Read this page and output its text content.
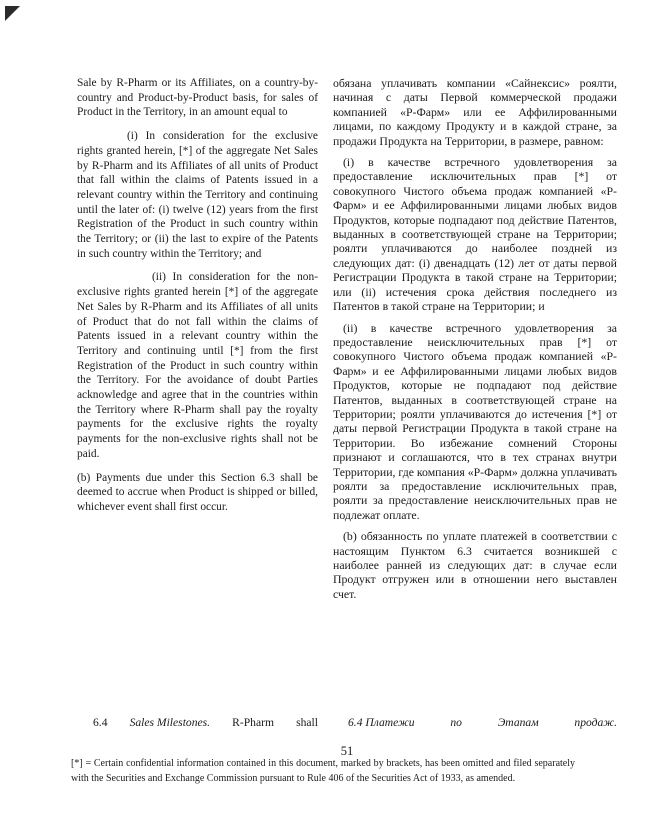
Sale by R-Pharm or its Affiliates, on a country-by-country and Product-by-Product basis, for sales of Product in the Territory, in an amount equal to

(i) In consideration for the exclusive rights granted herein, [*] of the aggregate Net Sales by R-Pharm and its Affiliates of all units of Product that fall within the claims of Patents issued in a relevant country within the Territory and continuing until the later of: (i) twelve (12) years from the first Registration of the Product in such country within the Territory; or (ii) the last to expire of the Patents in such country within the Territory; and

(ii) In consideration for the non-exclusive rights granted herein [*] of the aggregate Net Sales by R-Pharm and its Affiliates of all units of Product that do not fall within the claims of Patents issued in a relevant country within the Territory and continuing until [*] from the first Registration of the Product in such country within the Territory. For the avoidance of doubt Parties acknowledge and agree that in the countries within the Territory where R-Pharm shall pay the royalty payments for the exclusive rights the royalty payments for the non-exclusive rights shall not be paid.

(b) Payments due under this Section 6.3 shall be deemed to accrue when Product is shipped or billed, whichever event shall first occur.

обязана уплачивать компании «Сайнексис» роялти, начиная с даты Первой коммерческой продажи компанией «Р-Фарм» или ее Аффилированными лицами, по каждому Продукту и в каждой стране, за продажи Продукта на Территории, в размере, равном:

(i) в качестве встречного удовлетворения за предоставление исключительных прав [*] от совокупного Чистого объема продаж компанией «Р-Фарм» и ее Аффилированными лицами любых видов Продуктов, которые подпадают под действие Патентов, выданных в соответствующей стране на Территории; роялти уплачиваются до наиболее поздней из следующих дат: (i) двенадцать (12) лет от даты первой Регистрации Продукта в такой стране на Территории; или (ii) истечения срока действия последнего из Патентов в такой стране на Территории; и

(ii) в качестве встречного удовлетворения за предоставление неисключительных прав [*] от совокупного Чистого объема продаж компанией «Р-Фарм» и ее Аффилированными лицами любых видов Продуктов, которые не подпадают под действие Патентов, выданных в соответствующей стране на Территории; роялти уплачиваются до истечения [*] от даты первой Регистрации Продукта в такой стране на Территории. Во избежание сомнений Стороны признают и соглашаются, что в тех странах внутри Территории, где компания «Р-Фарм» должна уплачивать роялти за предоставление исключительных прав, роялти за предоставление неисключительных прав не подлежат оплате.

(b) обязанность по уплате платежей в соответствии с настоящим Пунктом 6.3 считается возникшей с наиболее ранней из следующих дат: в случае если Продукт отгружен или в отношении него выставлен счет.

6.4 Sales Milestones. R-Pharm shall	6.4 Платежи	по	Этапам	продаж.
51

[*] = Certain confidential information contained in this document, marked by brackets, has been omitted and filed separately with the Securities and Exchange Commission pursuant to Rule 406 of the Securities Act of 1933, as amended.
